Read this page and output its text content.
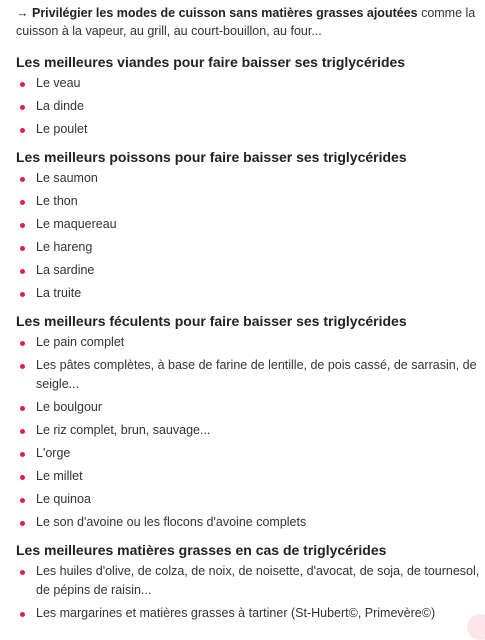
→ Privilégier les modes de cuisson sans matières grasses ajoutées comme la cuisson à la vapeur, au grill, au court-bouillon, au four...

Les meilleures viandes pour faire baisser ses triglycérides
Le veau
La dinde
Le poulet
Les meilleurs poissons pour faire baisser ses triglycérides
Le saumon
Le thon
Le maquereau
Le hareng
La sardine
La truite
Les meilleurs féculents pour faire baisser ses triglycérides
Le pain complet
Les pâtes complètes, à base de farine de lentille, de pois cassé, de sarrasin, de seigle...
Le boulgour
Le riz complet, brun, sauvage...
L'orge
Le millet
Le quinoa
Le son d'avoine ou les flocons d'avoine complets
Les meilleures matières grasses en cas de triglycérides
Les huiles d'olive, de colza, de noix, de noisette, d'avocat, de soja, de tournesol, de pépins de raisin...
Les margarines et matières grasses à tartiner (St-Hubert©, Primevère©)
